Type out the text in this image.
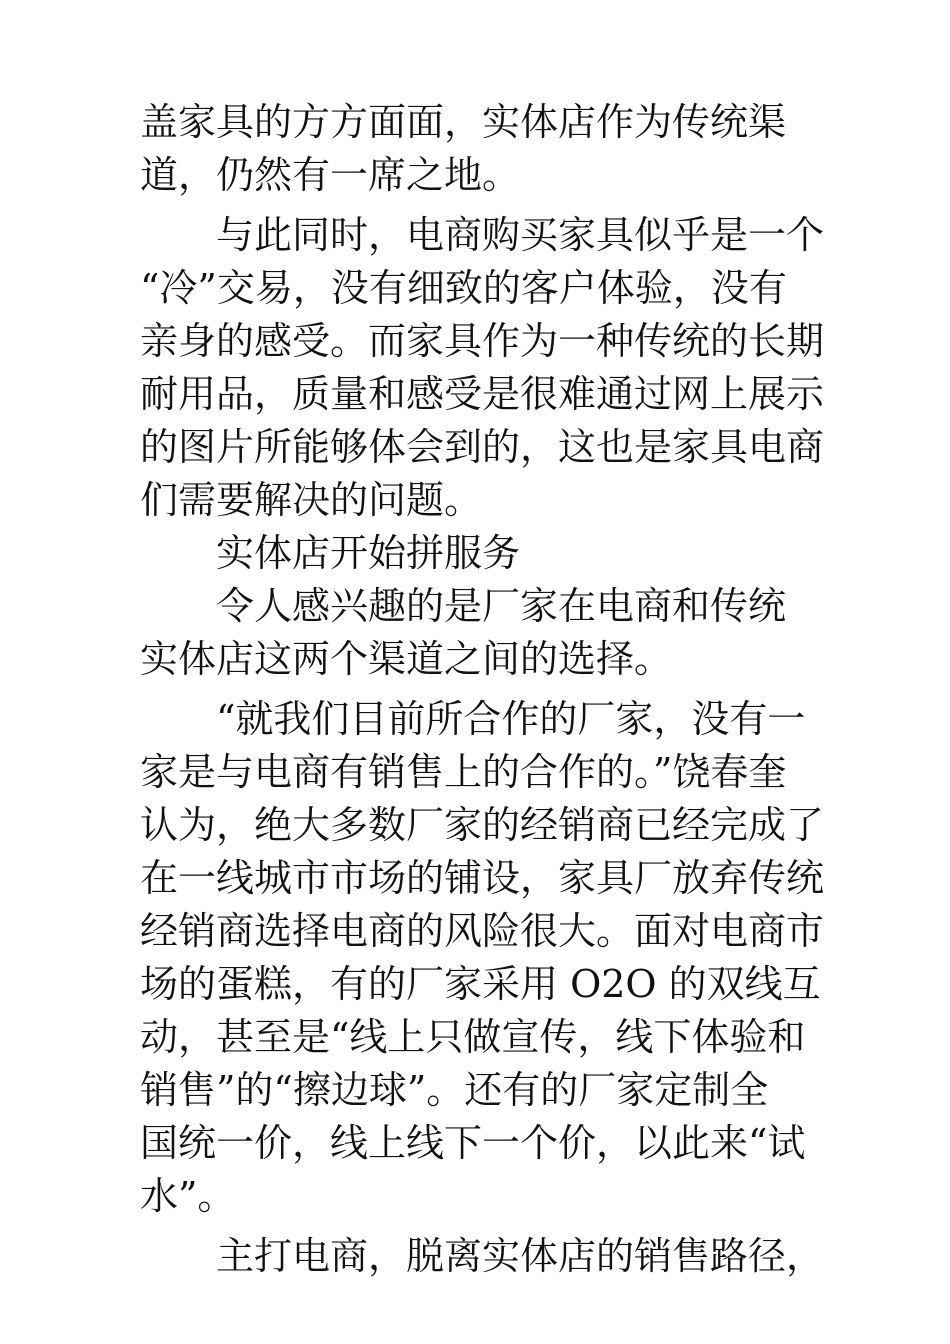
盖家具的方方面面，实体店作为传统渠
道，仍然有一席之地。
与此同时，电商购买家具似乎是一个
“冷”交易，没有细致的客户体验，没有
亲身的感受。而家具作为一种传统的长期
耐用品，质量和感受是很难通过网上展示
的图片所能够体会到的，这也是家具电商
们需要解决的问题。
实体店开始拼服务
令人感兴趣的是厂家在电商和传统
实体店这两个渠道之间的选择。
“就我们目前所合作的厂家，没有一
家是与电商有销售上的合作的。”饶春奎
认为，绝大多数厂家的经销商已经完成了
在一线城市市场的铺设，家具厂放弃传统
经销商选择电商的风险很大。面对电商市
场的蛋糕，有的厂家采用 O2O 的双线互
动，甚至是“线上只做宣传，线下体验和
销售”的“擦边球”。还有的厂家定制全
国统一价，线上线下一个价，以此来“试
水”。
主打电商，脱离实体店的销售路径，
